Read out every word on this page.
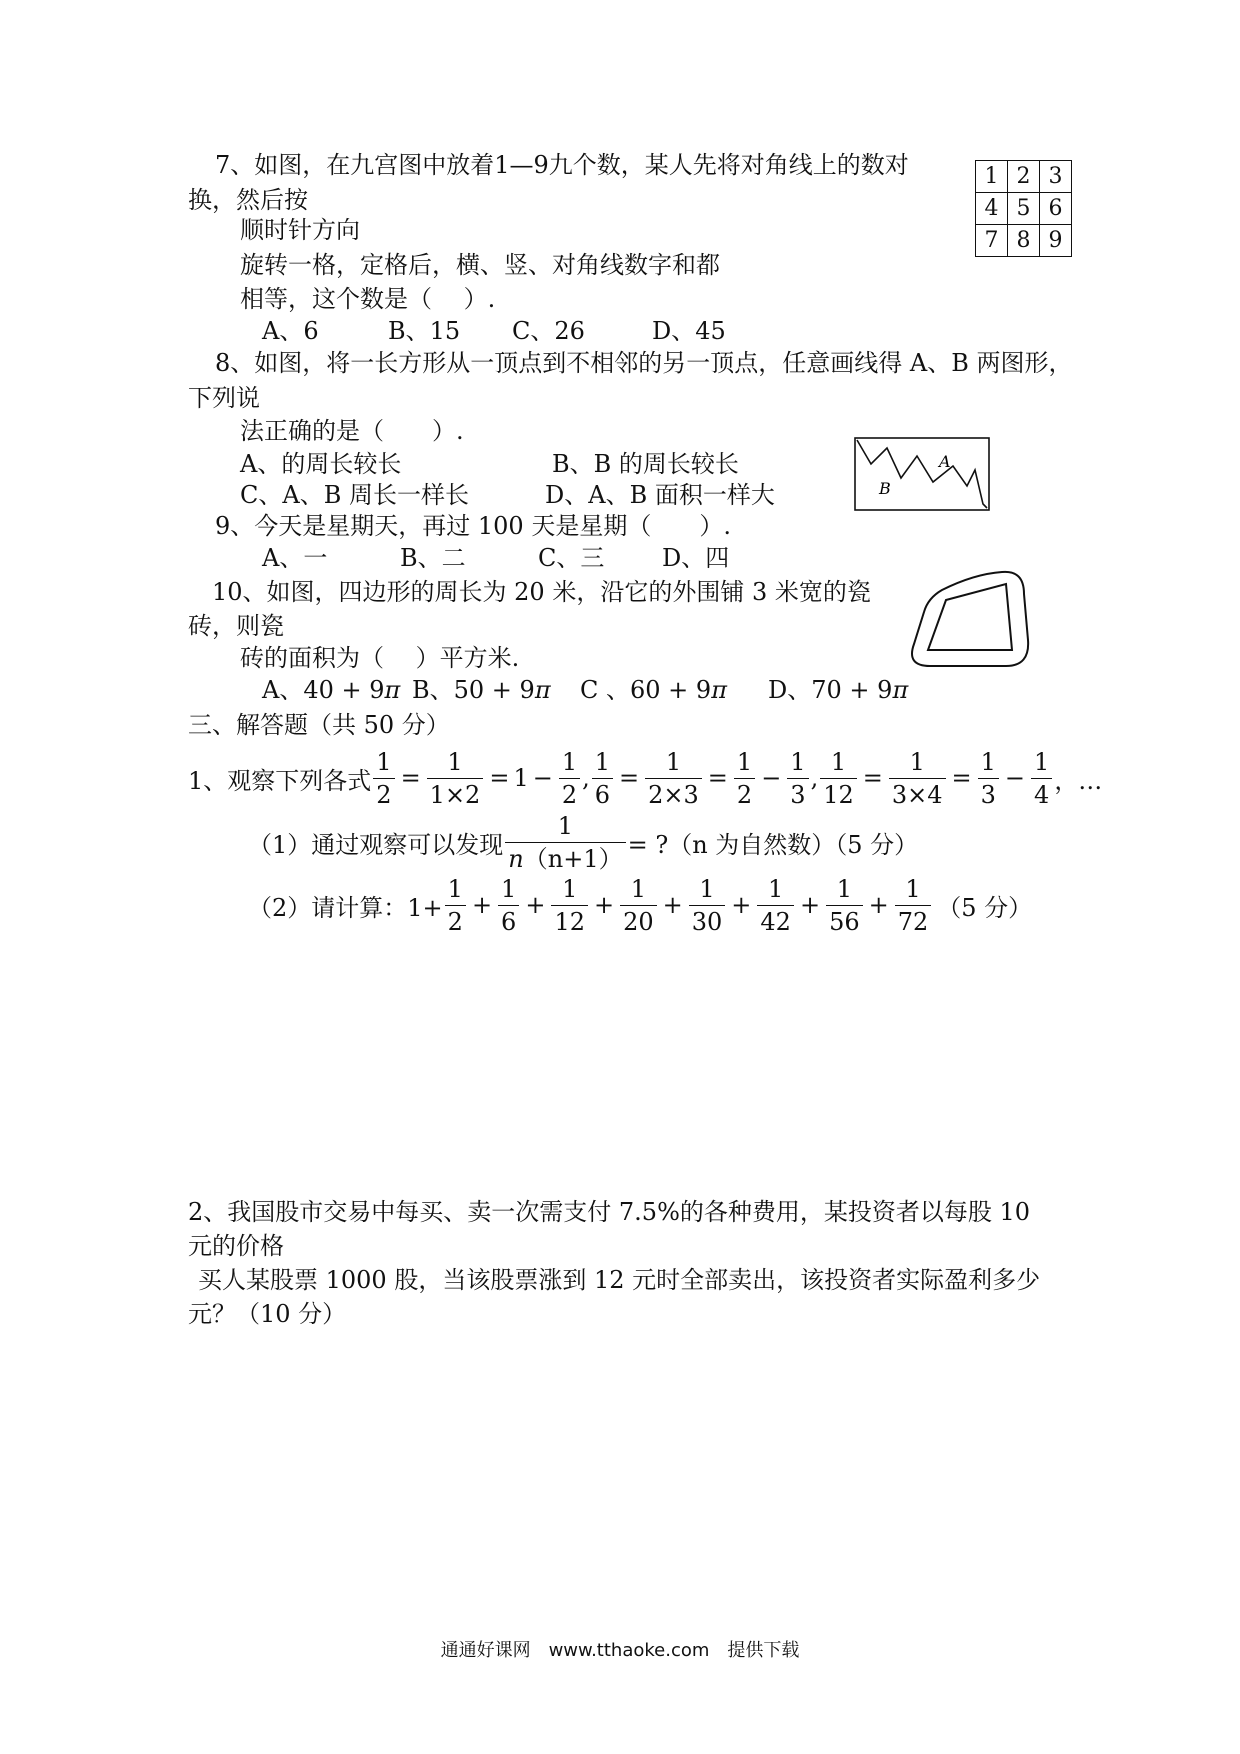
7、如图，在九宫图中放着1—9九个数，某人先将对角线上的数对
换，然后按
顺时针方向
旋转一格，定格后，横、竖、对角线数字和都
相等，这个数是（　 ）.
A、6	B、15 C、26	D、45
1	2	3
4	5	6
7	8	9
8、如图，将一长方形从一顶点到不相邻的另一顶点，任意画线得 A、B 两图形，
下列说
法正确的是（　　）.
A、的周长较长	B、B 的周长较长
C、A、B 周长一样长	D、A、B 面积一样大
A
B
9、今天是星期天，再过 100 天是星期（　　）.
A、一	B、二	C、三 D、四
10、如图，四边形的周长为 20 米，沿它的外围铺 3 米宽的瓷
砖，则瓷
砖的面积为（　 ）平方米.
A、40 + 9π B、50 + 9π C 、60 + 9π D、70 + 9π
三、解答题（共 50 分）
1、观察下列各式 $\frac{1}{2} = \frac{1}{1\times 2} = 1 - \frac{1}{2}$ , $\frac{1}{6} = \frac{1}{2\times 3} = \frac{1}{2} - \frac{1}{3}$ , $\frac{1}{12} = \frac{1}{3\times 4} = \frac{1}{3} - \frac{1}{4}$ ，…
（1）通过观察可以发现 $\frac{1}{n(n+1)}$ = ?（n 为自然数）（5 分）
（2）请计算：$1+ \frac{1}{2} + \frac{1}{6} + \frac{1}{12} + \frac{1}{20} + \frac{1}{30} + \frac{1}{42} + \frac{1}{56} + \frac{1}{72} (5$ 分）
2、我国股市交易中每买、卖一次需支付 7.5%的各种费用，某投资者以每股 10
元的价格
买人某股票 1000 股，当该股票涨到 12 元时全部卖出，该投资者实际盈利多少
元？（10 分）
通通好课网　www.tthaoke.com　提供下载
